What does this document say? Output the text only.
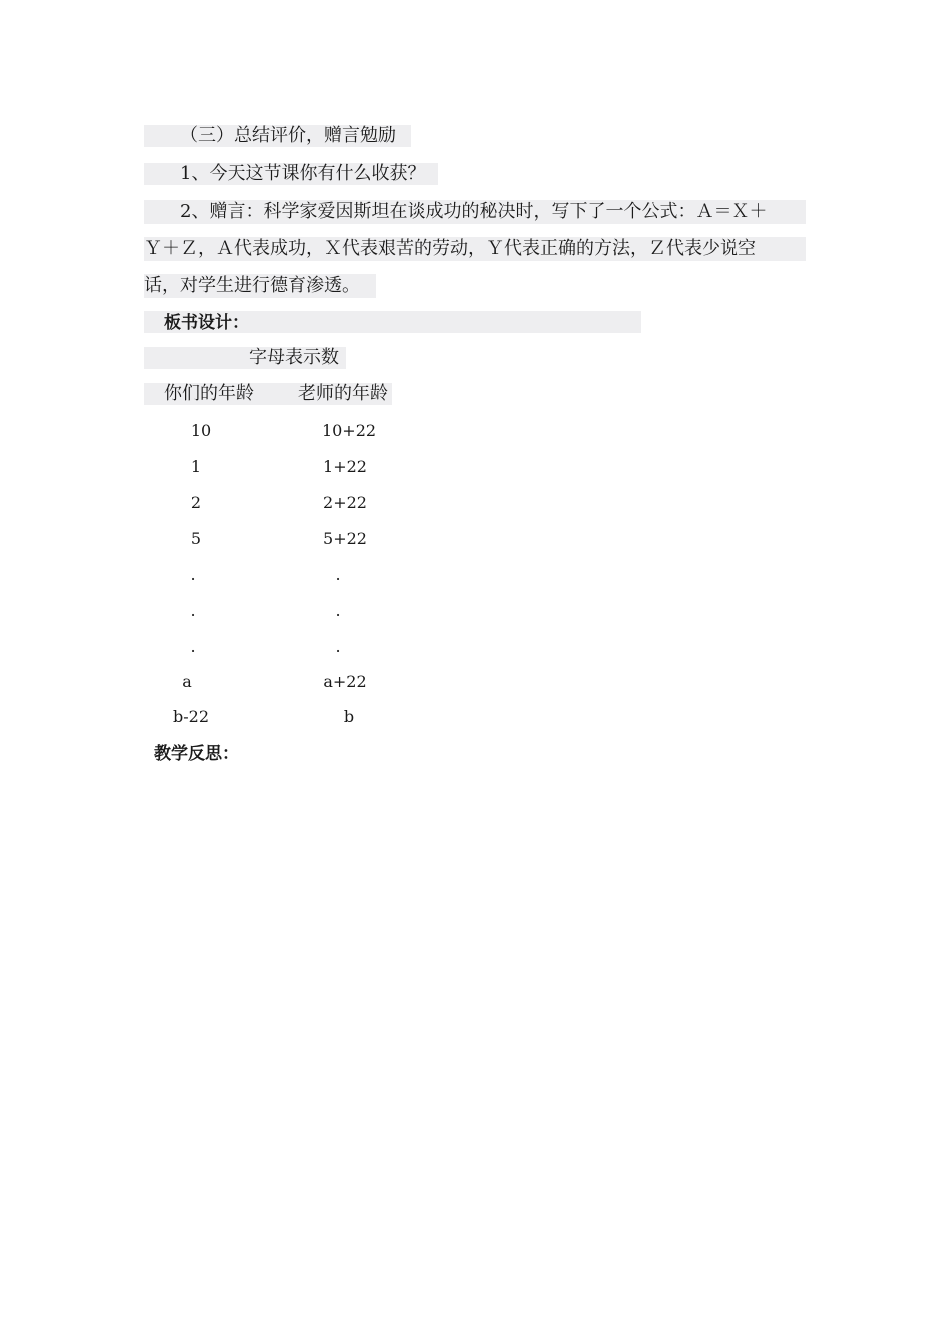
（三）总结评价，赠言勉励
1、今天这节课你有什么收获？
2、赠言：科学家爱因斯坦在谈成功的秘决时，写下了一个公式：Ａ＝Ｘ＋
Ｙ＋Ｚ，Ａ代表成功，Ｘ代表艰苦的劳动，Ｙ代表正确的方法，Ｚ代表少说空
话，对学生进行德育渗透。
板书设计：
字母表示数
你们的年龄 老师的年龄
10	10+22
1	1+22
2	2+22
5	5+22
.	.
.	.
.	.
a	a+22
b-22	b
教学反思：
